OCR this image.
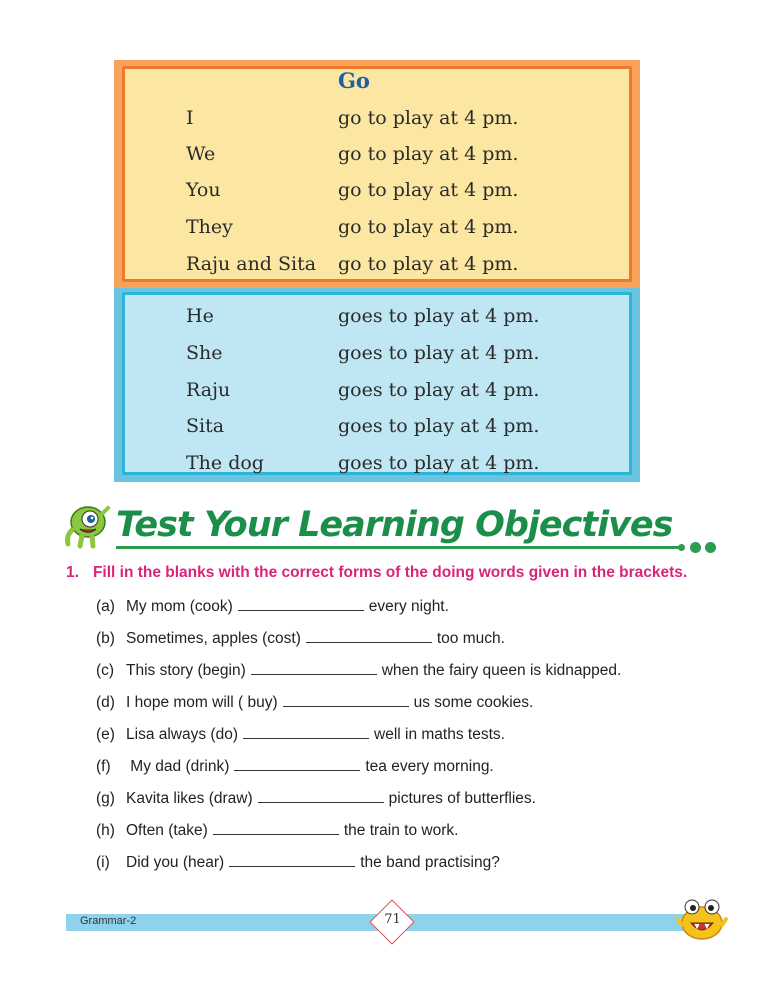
Go
I	go to play at 4 pm.
We	go to play at 4 pm.
You	go to play at 4 pm.
They	go to play at 4 pm.
Raju and Sita go to play at 4 pm.
He	goes to play at 4 pm.
She	goes to play at 4 pm.
Raju	goes to play at 4 pm.
Sita	goes to play at 4 pm.
The dog	goes to play at 4 pm.
Test Your Learning Objectives
1. Fill in the blanks with the correct forms of the doing words given in the brackets.
(a) My mom (cook)	every night.
(b) Sometimes, apples (cost)	too much.
(c) This story (begin)	when the fairy queen is kidnapped.
(d) I hope mom will ( buy)	us some cookies.
(e) Lisa always (do)	well in maths tests.
(f) My dad (drink)	tea every morning.
(g) Kavita likes (draw)	pictures of butterflies.
(h) Often (take)	the train to work.
(i) Did you (hear)	the band practising?
Grammar-2	71
